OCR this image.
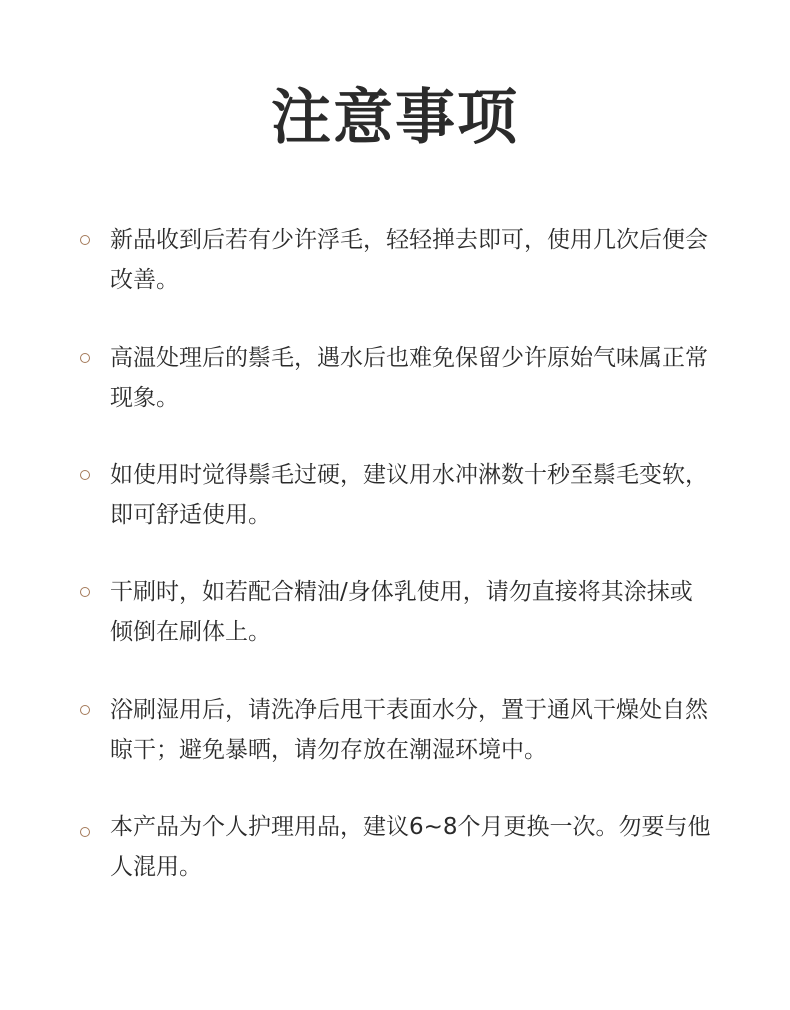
注意事项
新品收到后若有少许浮毛，轻轻掸去即可，使用几次后便会改善。
高温处理后的鬃毛，遇水后也难免保留少许原始气味属正常现象。
如使用时觉得鬃毛过硬，建议用水冲淋数十秒至鬃毛变软，即可舒适使用。
干刷时，如若配合精油/身体乳使用，请勿直接将其涂抹或倾倒在刷体上。
浴刷湿用后，请洗净后甩干表面水分，置于通风干燥处自然晾干；避免暴晒，请勿存放在潮湿环境中。
本产品为个人护理用品，建议6~8个月更换一次。勿要与他人混用。
